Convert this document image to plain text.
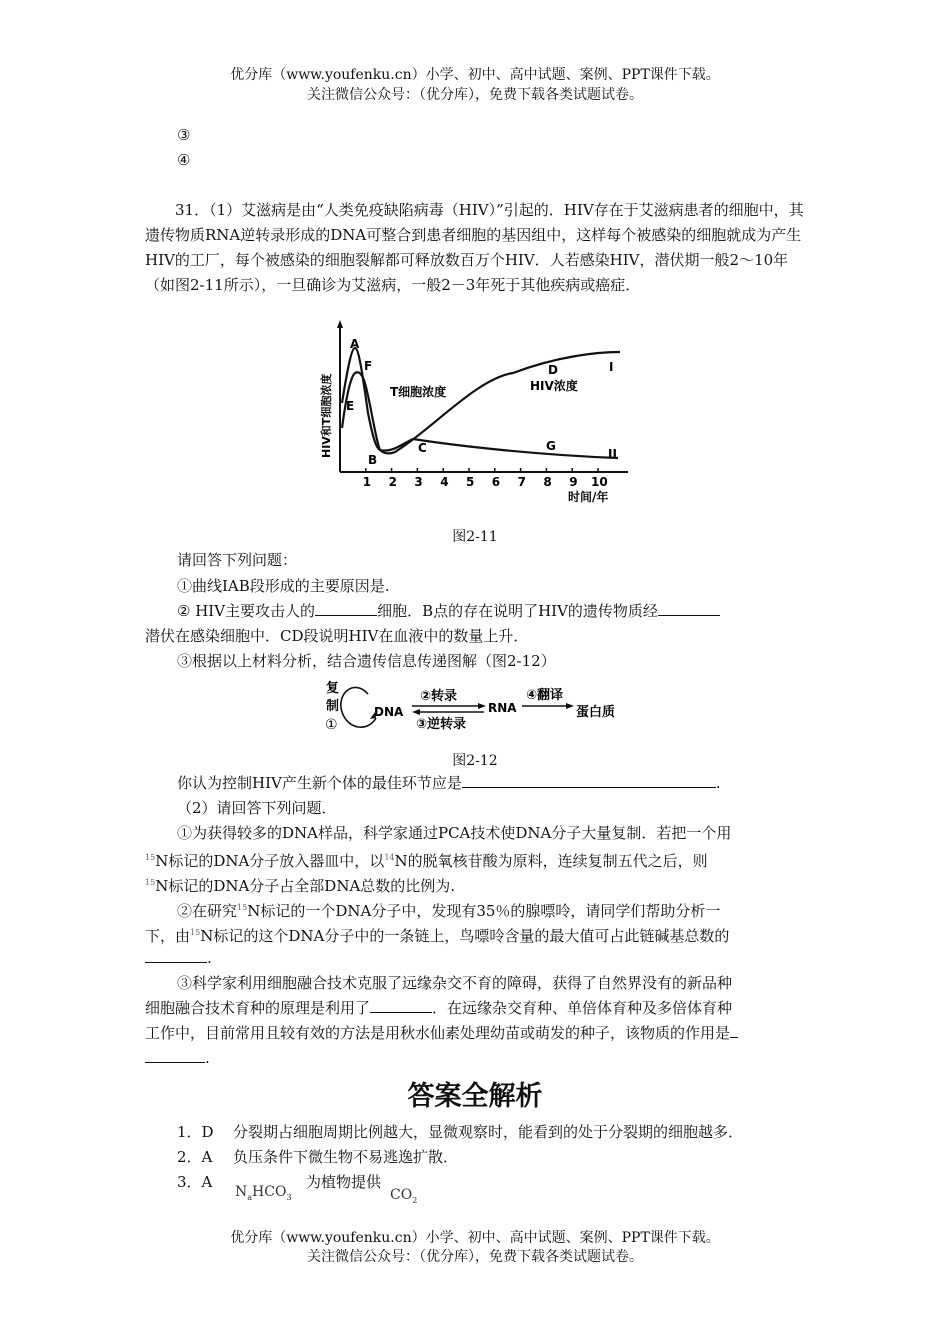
优分库（www.youfenku.cn）小学、初中、高中试题、案例、PPT课件下载。
关注微信公众号：（优分库），免费下载各类试题试卷。
③
④
31．（1）艾滋病是由“人类免疫缺陷病毒（HIV）”引起的．HIV存在于艾滋病患者的细胞中，其遗传物质RNA逆转录形成的DNA可整合到患者细胞的基因组中，这样每个被感染的细胞就成为产生HIV的工厂，每个被感染的细胞裂解都可释放数百万个HIV．人若感染HIV，潜伏期一般2～10年（如图2-11所示），一旦确诊为艾滋病，一般2－3年死于其他疾病或癌症．
HIV和T细胞浓度
1 2 3 4 5 6 7 8 9 10
时间/年
A
B
C
D
E
F
G
I
II
T细胞浓度	HIV浓度
图2-11
请回答下列问题：
①曲线IAB段形成的主要原因是.
② HIV主要攻击人的	细胞．B点的存在说明了HIV的遗传物质经
潜伏在感染细胞中．CD段说明HIV在血液中的数量上升．
③根据以上材料分析，结合遗传信息传递图解（图2-12）
复
制
①
DNA
②转录
③逆转录
RNA
④翻译
蛋白质
图2-12
你认为控制HIV产生新个体的最佳环节应是	.
（2）请回答下列问题．
①为获得较多的DNA样品，科学家通过PCA技术使DNA分子大量复制．若把一个用
$^{15}$N标记的DNA分子放入器皿中，以$^{14}$N的脱氧核苷酸为原料，连续复制五代之后，则
$^{15}$N标记的DNA分子占全部DNA总数的比例为.
②在研究$^{15}$N标记的一个DNA分子中，发现有35％的腺嘌呤，请同学们帮助分析一
下，由$^{15}$N标记的这个DNA分子中的一条链上，鸟嘌呤含量的最大值可占此链碱基总数的
.
③科学家利用细胞融合技术克服了远缘杂交不育的障碍，获得了自然界没有的新品种
细胞融合技术育种的原理是利用了	．在远缘杂交育种、单倍体育种及多倍体育种
工作中，目前常用且较有效的方法是用秋水仙素处理幼苗或萌发的种子，该物质的作用是
.
答案全解析
1．D 分裂期占细胞周期比例越大，显微观察时，能看到的处于分裂期的细胞越多．
2．A 负压条件下微生物不易逃逸扩散．
3．A
$N_aHCO_3$
为植物提供
$CO_2$
优分库（www.youfenku.cn）小学、初中、高中试题、案例、PPT课件下载。
关注微信公众号：（优分库），免费下载各类试题试卷。
